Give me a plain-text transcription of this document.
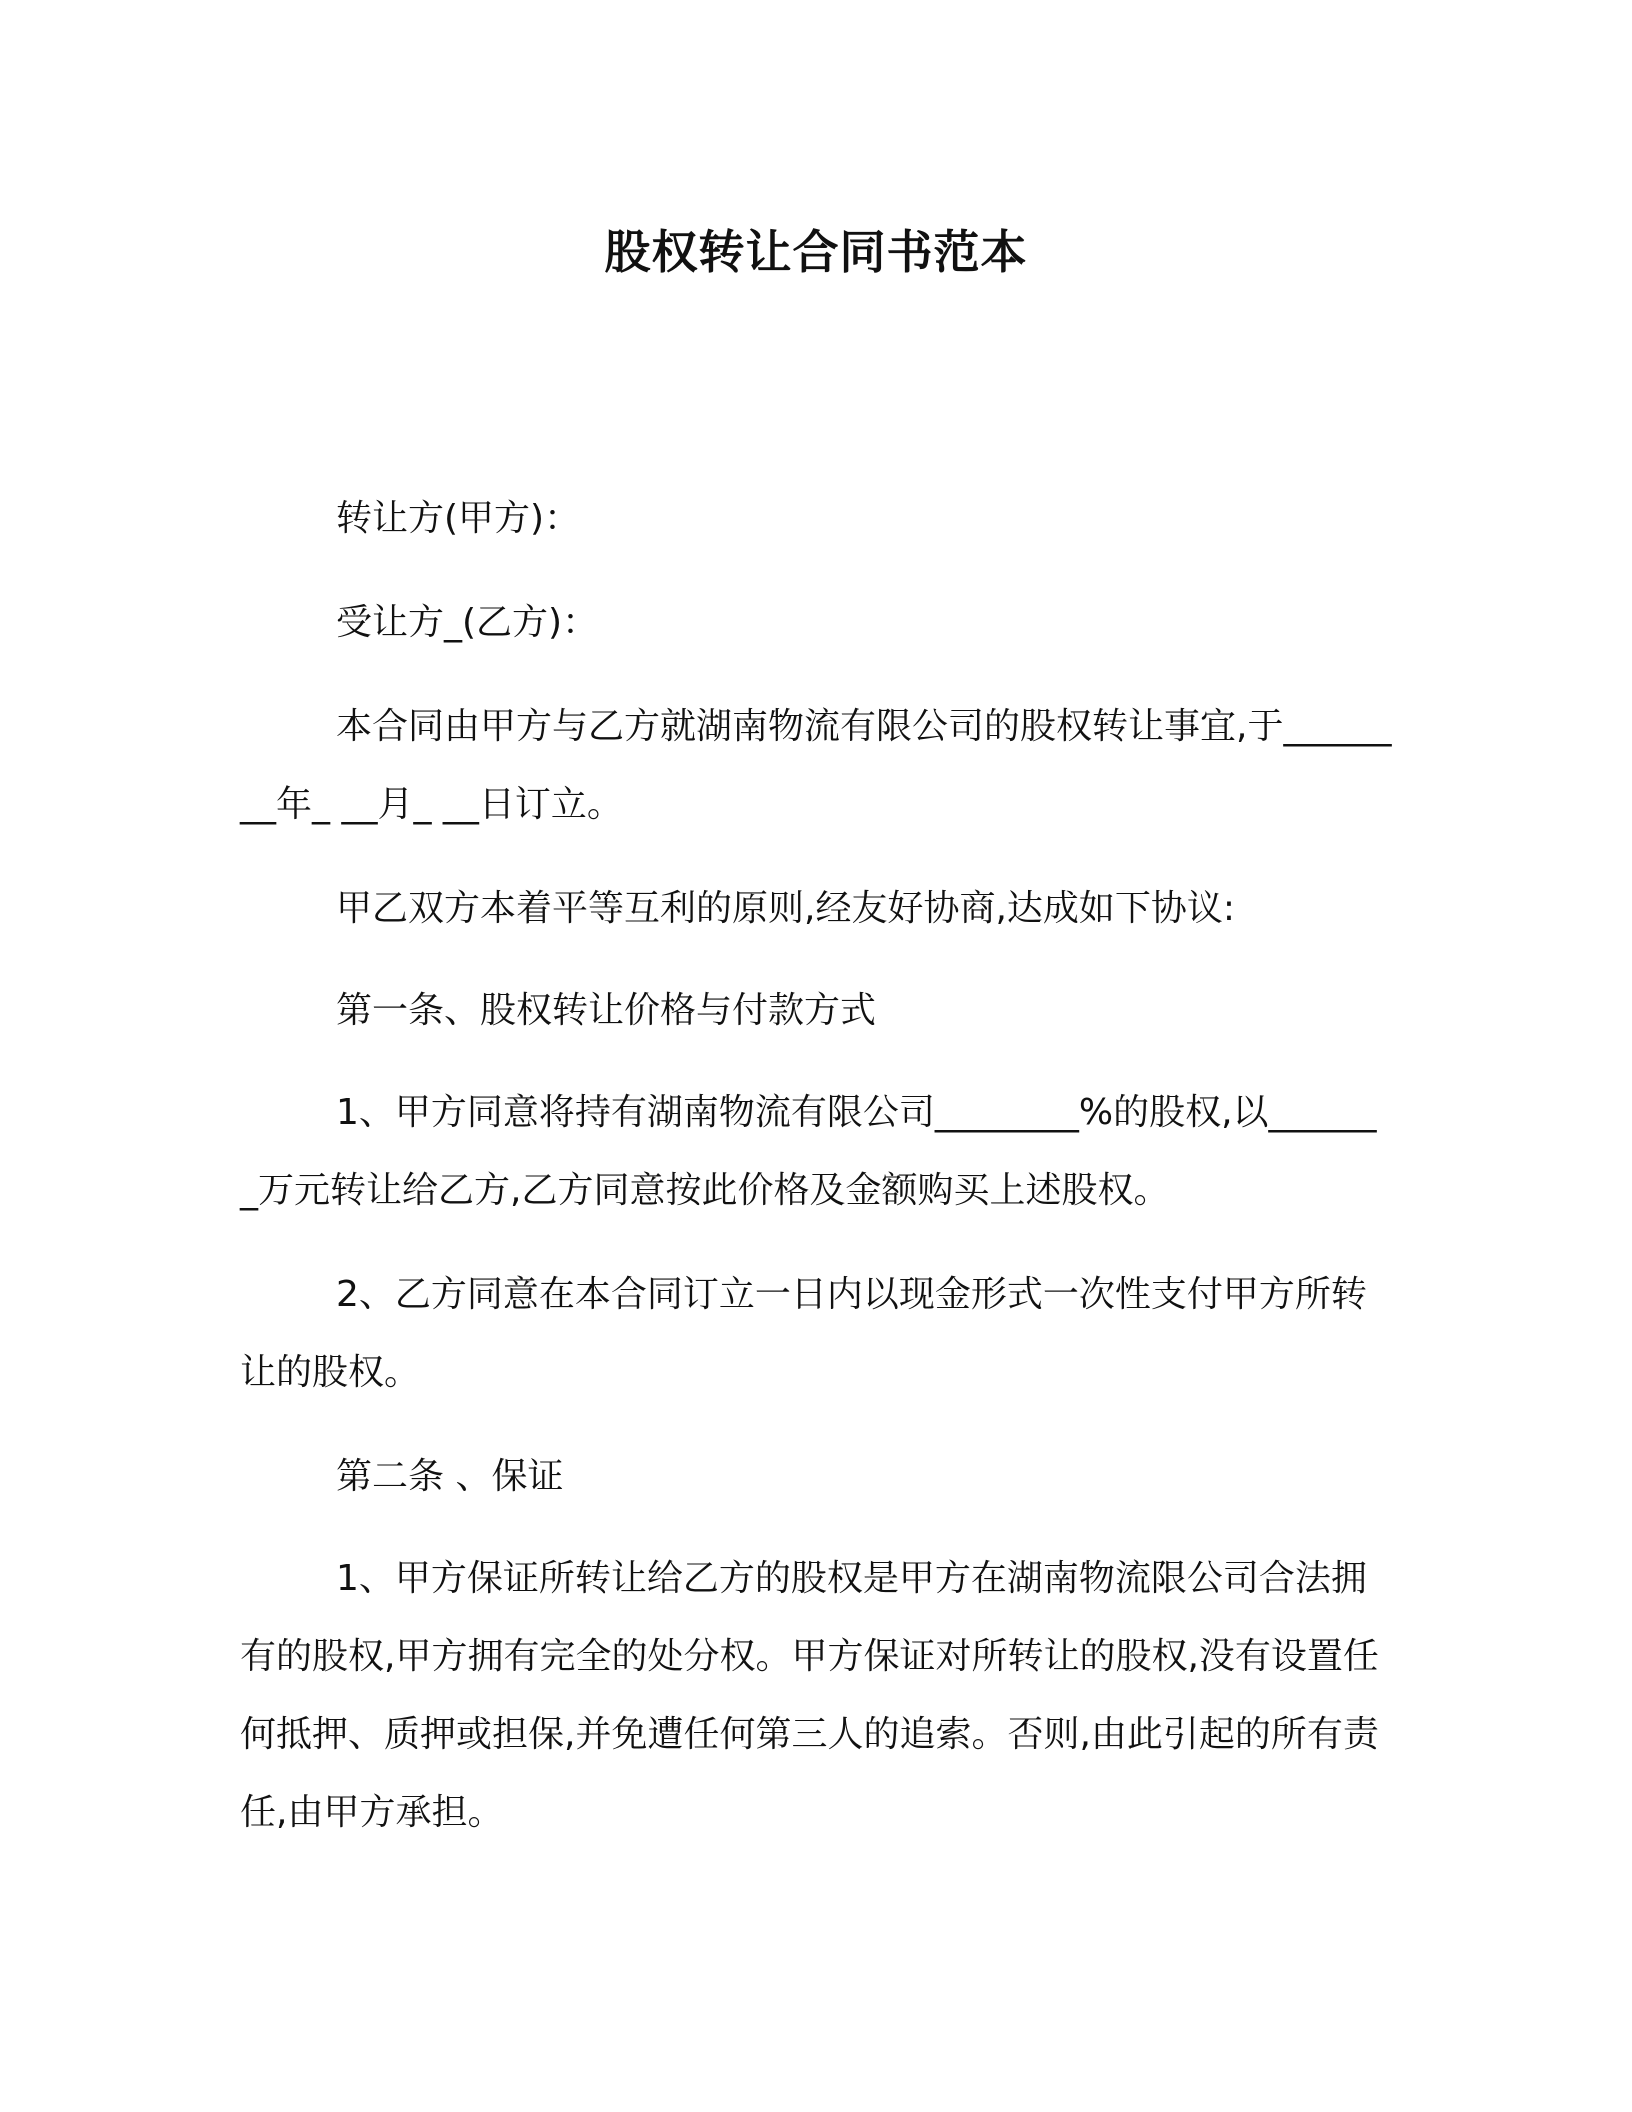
股权转让合同书范本

转让方(甲方)：

受让方_(乙方)：

本合同由甲方与乙方就湖南物流有限公司的股权转让事宜,于________年_ __月_ __日订立。

甲乙双方本着平等互利的原则,经友好协商,达成如下协议:

第一条、股权转让价格与付款方式

1、甲方同意将持有湖南物流有限公司________%的股权,以_______万元转让给乙方,乙方同意按此价格及金额购买上述股权。

2、乙方同意在本合同订立一日内以现金形式一次性支付甲方所转让的股权。

第二条 、保证

1、甲方保证所转让给乙方的股权是甲方在湖南物流限公司合法拥有的股权,甲方拥有完全的处分权。甲方保证对所转让的股权,没有设置任何抵押、质押或担保,并免遭任何第三人的追索。否则,由此引起的所有责任,由甲方承担。
